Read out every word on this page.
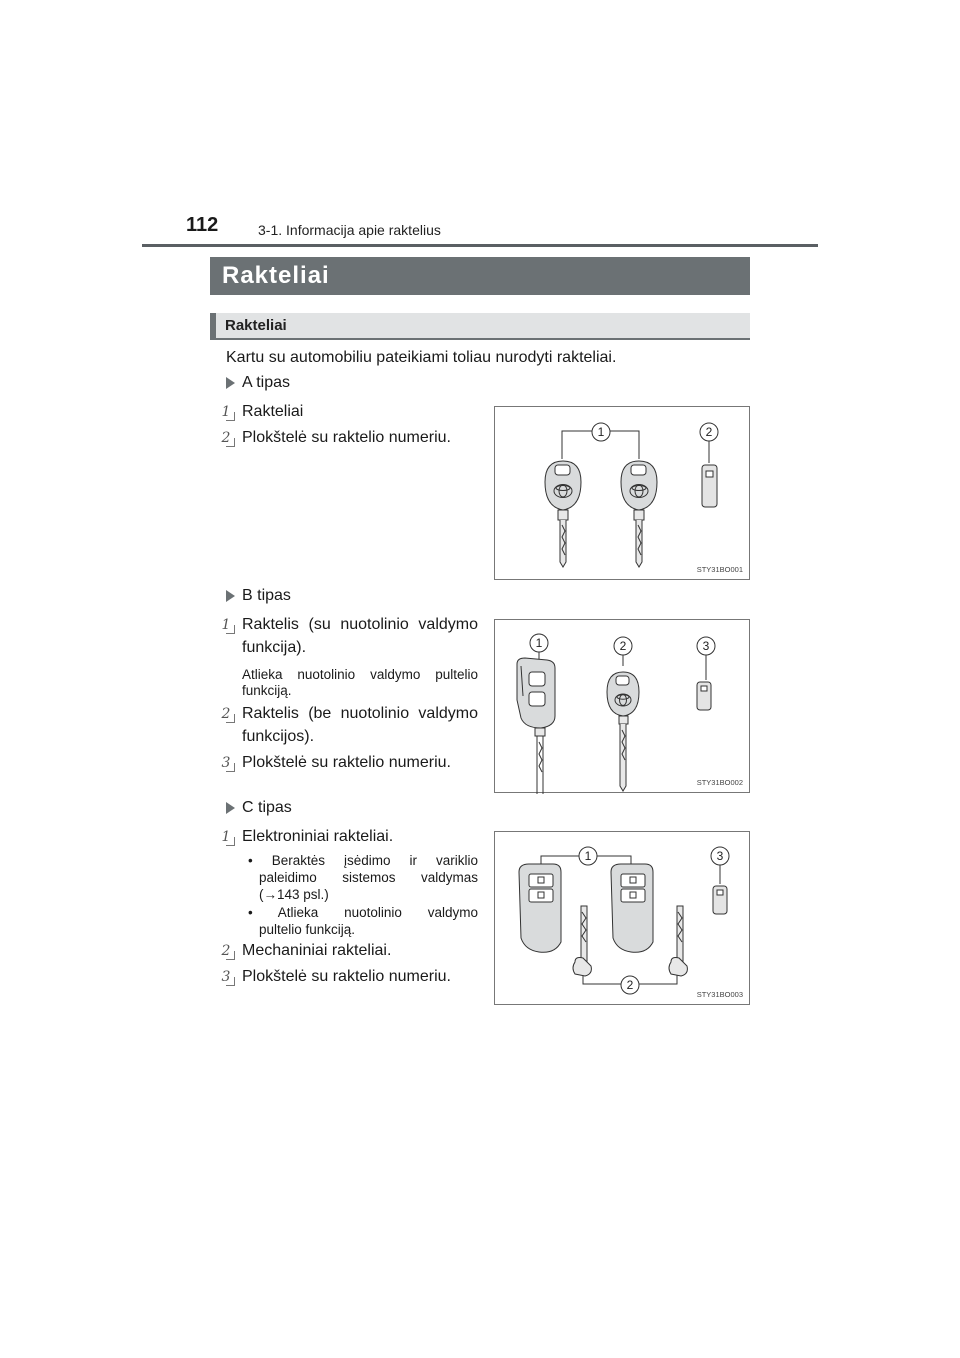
112	3-1. Informacija apie raktelius
Rakteliai
Rakteliai
Kartu su automobiliu pateikiami toliau nurodyti rakteliai.
A tipas
1 Rakteliai
2 Plokštelė su raktelio numeriu.	1	2
STY31BO001
B tipas
1 Raktelis (su nuotolinio valdymo
funkcija).
Atlieka nuotolinio valdymo pultelio
funkciją.
2 Raktelis (be nuotolinio valdymo
funkcijos).
3 Plokštelė su raktelio numeriu.
1	2	3
STY31BO002
C tipas
1 Elektroniniai rakteliai.
• Beraktės įsėdimo ir variklio
paleidimo sistemos valdymas
(→143 psl.)
• Atlieka nuotolinio valdymo
pultelio funkciją.
2 Mechaniniai rakteliai.
3 Plokštelė su raktelio numeriu.
1	3
2
STY31BO003
